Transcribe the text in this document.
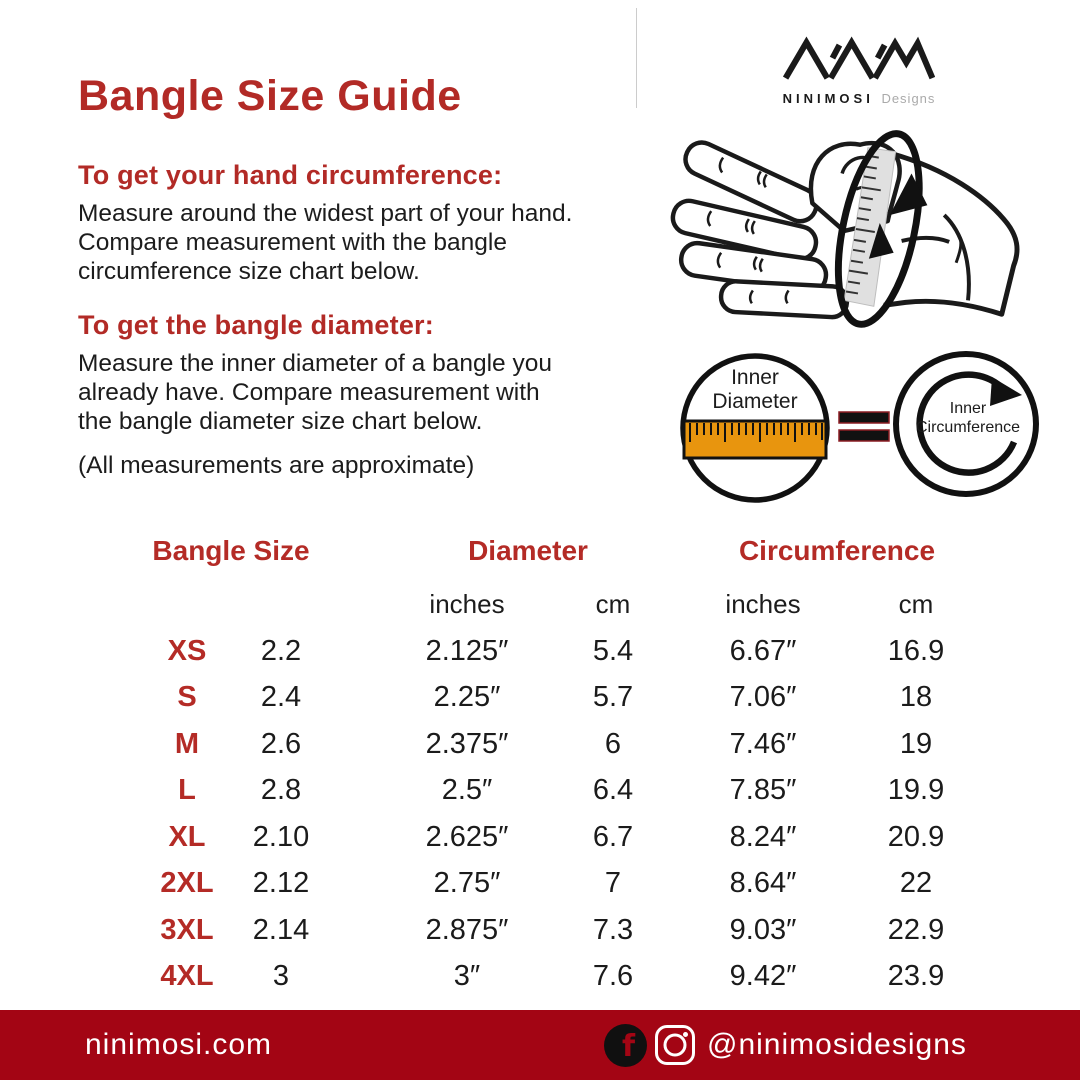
Bangle Size Guide
To get your hand circumference:
Measure around the widest part of your hand.
Compare measurement with the bangle
circumference size chart below.
To get the bangle diameter:
Measure the inner diameter of a bangle you
already have. Compare measurement with
the bangle diameter size chart below.
(All measurements are approximate)
NINIMOSI Designs
Inner
Diameter	Inner
Circumference
Bangle Size	Diameter	Circumference
inches	cm	inches	cm
XS 2.2	2.125″	5.4	6.67″	16.9
S 2.4	2.25″	5.7	7.06″	18
M 2.6	2.375″	6	7.46″	19
L 2.8	2.5″	6.4	7.85″	19.9
XL 2.10	2.625″	6.7	8.24″	20.9
2XL 2.12	2.75″	7	8.64″	22
3XL 2.14	2.875″	7.3	9.03″	22.9
4XL 3	3″	7.6	9.42″	23.9
ninimosi.com	f @ninimosidesigns
